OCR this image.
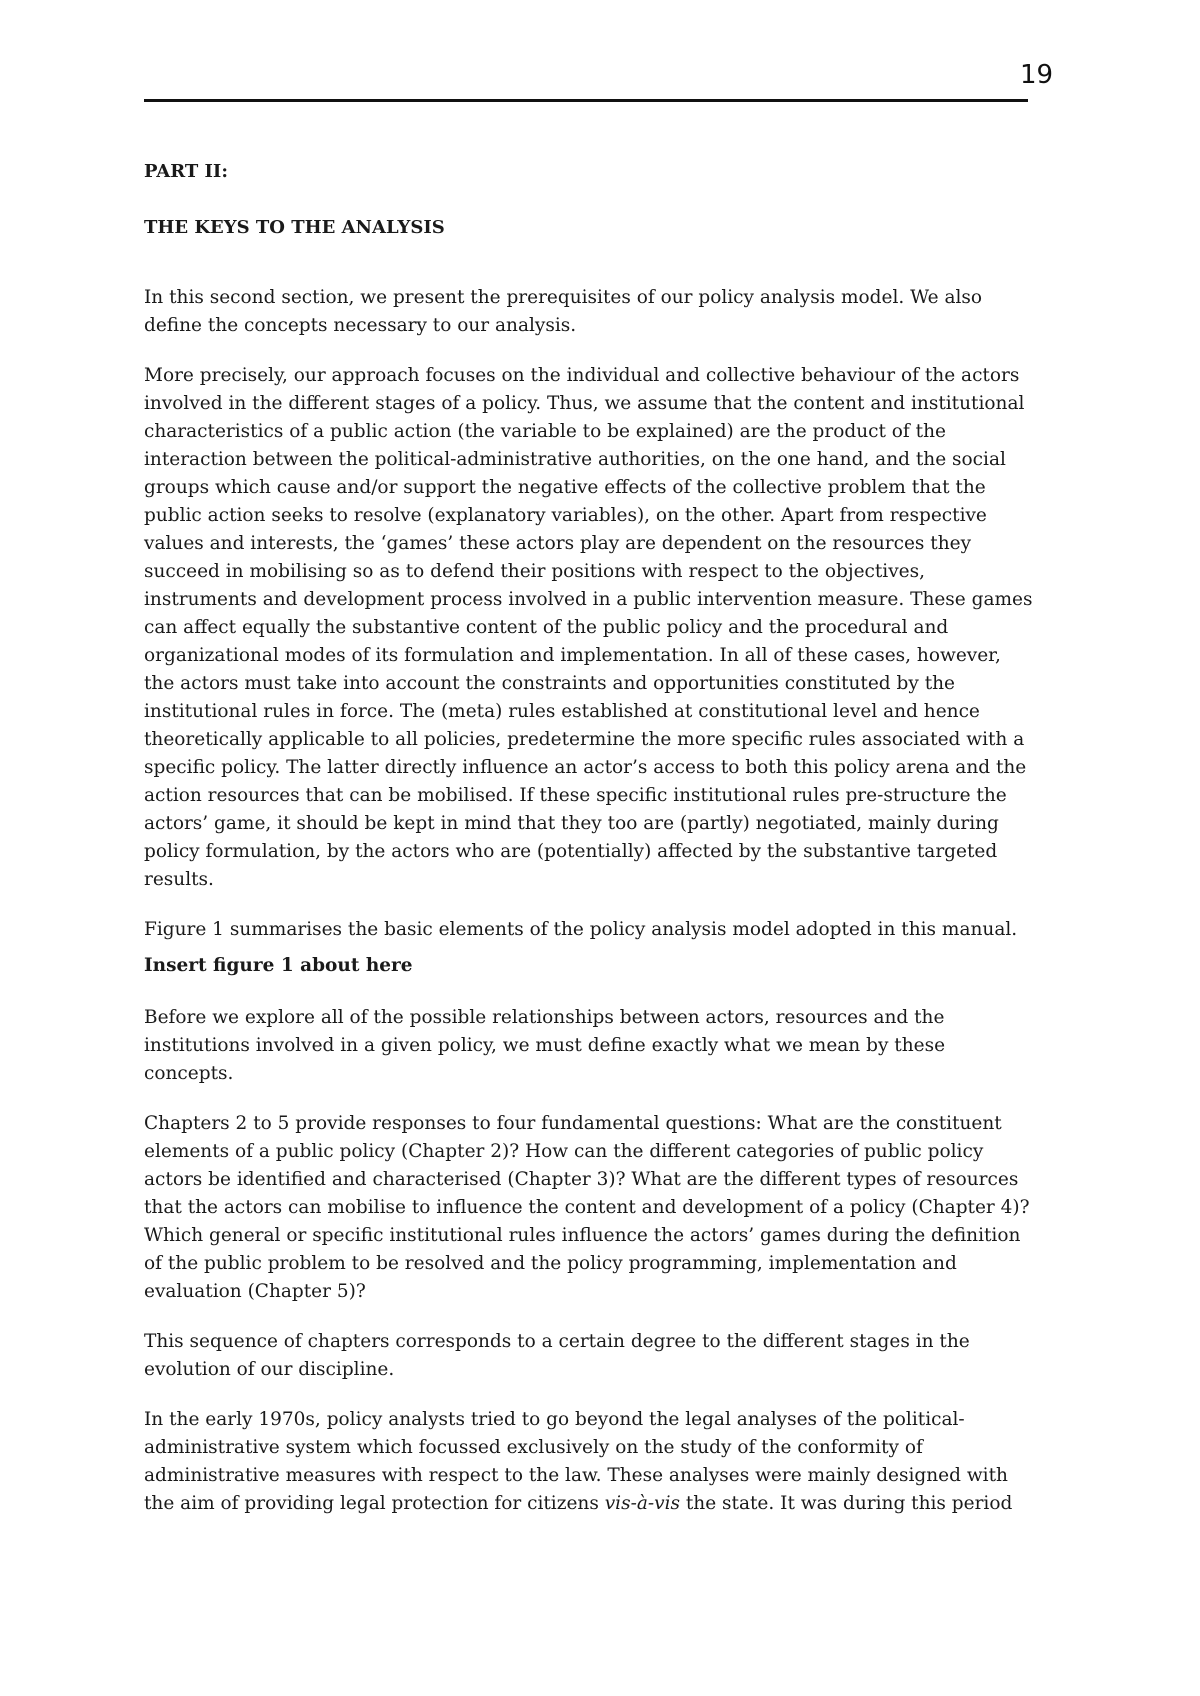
19

PART II:

THE KEYS TO THE ANALYSIS

In this second section, we present the prerequisites of our policy analysis model. We also
define the concepts necessary to our analysis.

More precisely, our approach focuses on the individual and collective behaviour of the actors
involved in the different stages of a policy. Thus, we assume that the content and institutional
characteristics of a public action (the variable to be explained) are the product of the
interaction between the political-administrative authorities, on the one hand, and the social
groups which cause and/or support the negative effects of the collective problem that the
public action seeks to resolve (explanatory variables), on the other. Apart from respective
values and interests, the ‘games’ these actors play are dependent on the resources they
succeed in mobilising so as to defend their positions with respect to the objectives,
instruments and development process involved in a public intervention measure. These games
can affect equally the substantive content of the public policy and the procedural and
organizational modes of its formulation and implementation. In all of these cases, however,
the actors must take into account the constraints and opportunities constituted by the
institutional rules in force. The (meta) rules established at constitutional level and hence
theoretically applicable to all policies, predetermine the more specific rules associated with a
specific policy. The latter directly influence an actor’s access to both this policy arena and the
action resources that can be mobilised. If these specific institutional rules pre-structure the
actors’ game, it should be kept in mind that they too are (partly) negotiated, mainly during
policy formulation, by the actors who are (potentially) affected by the substantive targeted
results.

Figure 1 summarises the basic elements of the policy analysis model adopted in this manual.

Insert figure 1 about here

Before we explore all of the possible relationships between actors, resources and the
institutions involved in a given policy, we must define exactly what we mean by these
concepts.

Chapters 2 to 5 provide responses to four fundamental questions: What are the constituent
elements of a public policy (Chapter 2)? How can the different categories of public policy
actors be identified and characterised (Chapter 3)? What are the different types of resources
that the actors can mobilise to influence the content and development of a policy (Chapter 4)?
Which general or specific institutional rules influence the actors’ games during the definition
of the public problem to be resolved and the policy programming, implementation and
evaluation (Chapter 5)?

This sequence of chapters corresponds to a certain degree to the different stages in the
evolution of our discipline.

In the early 1970s, policy analysts tried to go beyond the legal analyses of the political-
administrative system which focussed exclusively on the study of the conformity of
administrative measures with respect to the law. These analyses were mainly designed with
the aim of providing legal protection for citizens vis-à-vis the state. It was during this period
